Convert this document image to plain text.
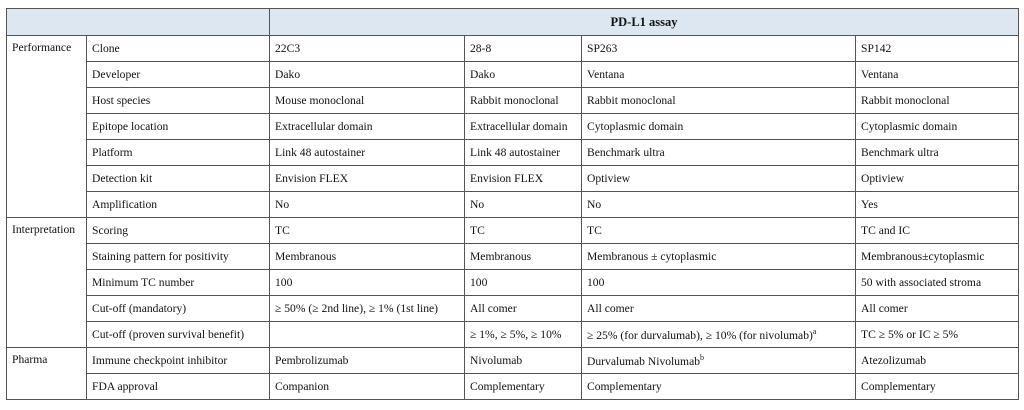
		PD-L1 assay			
Performance	Clone	22C3	28-8	SP263	SP142
	Developer	Dako	Dako	Ventana	Ventana
	Host species	Mouse monoclonal	Rabbit monoclonal	Rabbit monoclonal	Rabbit monoclonal
	Epitope location	Extracellular domain	Extracellular domain	Cytoplasmic domain	Cytoplasmic domain
	Platform	Link 48 autostainer	Link 48 autostainer	Benchmark ultra	Benchmark ultra
	Detection kit	Envision FLEX	Envision FLEX	Optiview	Optiview
	Amplification	No	No	No	Yes
Interpretation	Scoring	TC	TC	TC	TC and IC
	Staining pattern for positivity	Membranous	Membranous	Membranous ± cytoplasmic	Membranous±cytoplasmic
	Minimum TC number	100	100	100	50 with associated stroma
	Cut-off (mandatory)	≥ 50% (≥ 2nd line), ≥ 1% (1st line)	All comer	All comer	All comer
	Cut-off (proven survival benefit)		≥ 1%, ≥ 5%, ≥ 10%	≥ 25% (for durvalumab), ≥ 10% (for nivolumab)$^a$	TC ≥ 5% or IC ≥ 5%
Pharma	Immune checkpoint inhibitor	Pembrolizumab	Nivolumab	Durvalumab Nivolumab$^b$	Atezolizumab
	FDA approval	Companion	Complementary	Complementary	Complementary
